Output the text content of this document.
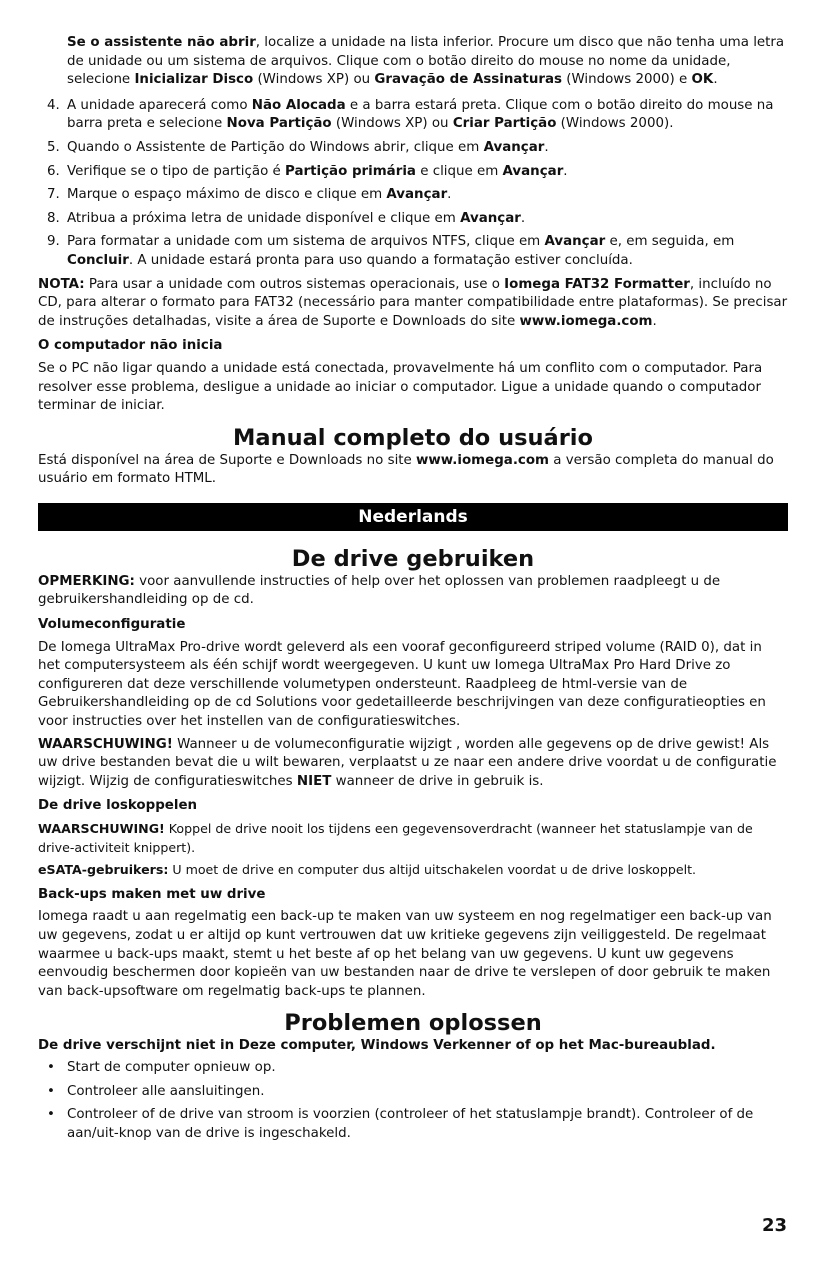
Se o assistente não abrir, localize a unidade na lista inferior. Procure um disco que não tenha uma letra de unidade ou um sistema de arquivos. Clique com o botão direito do mouse no nome da unidade, selecione Inicializar Disco (Windows XP) ou Gravação de Assinaturas (Windows 2000) e OK.

4. A unidade aparecerá como Não Alocada e a barra estará preta. Clique com o botão direito do mouse na barra preta e selecione Nova Partição (Windows XP) ou Criar Partição (Windows 2000).
5. Quando o Assistente de Partição do Windows abrir, clique em Avançar.
6. Verifique se o tipo de partição é Partição primária e clique em Avançar.
7. Marque o espaço máximo de disco e clique em Avançar.
8. Atribua a próxima letra de unidade disponível e clique em Avançar.
9. Para formatar a unidade com um sistema de arquivos NTFS, clique em Avançar e, em seguida, em Concluir. A unidade estará pronta para uso quando a formatação estiver concluída.

NOTA: Para usar a unidade com outros sistemas operacionais, use o Iomega FAT32 Formatter, incluído no CD, para alterar o formato para FAT32 (necessário para manter compatibilidade entre plataformas). Se precisar de instruções detalhadas, visite a área de Suporte e Downloads do site www.iomega.com.

O computador não inicia

Se o PC não ligar quando a unidade está conectada, provavelmente há um conflito com o computador. Para resolver esse problema, desligue a unidade ao iniciar o computador. Ligue a unidade quando o computador terminar de iniciar.

Manual completo do usuário

Está disponível na área de Suporte e Downloads no site www.iomega.com a versão completa do manual do usuário em formato HTML.

Nederlands
De drive gebruiken

OPMERKING: voor aanvullende instructies of help over het oplossen van problemen raadpleegt u de gebruikershandleiding op de cd.

Volumeconfiguratie

De Iomega UltraMax Pro-drive wordt geleverd als een vooraf geconfigureerd striped volume (RAID 0), dat in het computersysteem als één schijf wordt weergegeven. U kunt uw Iomega UltraMax Pro Hard Drive zo configureren dat deze verschillende volumetypen ondersteunt. Raadpleeg de html-versie van de Gebruikershandleiding op de cd Solutions voor gedetailleerde beschrijvingen van deze configuratieopties en voor instructies over het instellen van de configuratieswitches.

WAARSCHUWING! Wanneer u de volumeconfiguratie wijzigt , worden alle gegevens op de drive gewist! Als uw drive bestanden bevat die u wilt bewaren, verplaatst u ze naar een andere drive voordat u de configuratie wijzigt. Wijzig de configuratieswitches NIET wanneer de drive in gebruik is.

De drive loskoppelen

WAARSCHUWING! Koppel de drive nooit los tijdens een gegevensoverdracht (wanneer het statuslampje van de drive-activiteit knippert).

eSATA-gebruikers: U moet de drive en computer dus altijd uitschakelen voordat u de drive loskoppelt.

Back-ups maken met uw drive

Iomega raadt u aan regelmatig een back-up te maken van uw systeem en nog regelmatiger een back-up van uw gegevens, zodat u er altijd op kunt vertrouwen dat uw kritieke gegevens zijn veiliggesteld. De regelmaat waarmee u back-ups maakt, stemt u het beste af op het belang van uw gegevens. U kunt uw gegevens eenvoudig beschermen door kopieën van uw bestanden naar de drive te verslepen of door gebruik te maken van back-upsoftware om regelmatig back-ups te plannen.

Problemen oplossen
De drive verschijnt niet in Deze computer, Windows Verkenner of op het Mac-bureaublad.
• Start de computer opnieuw op.
• Controleer alle aansluitingen.
• Controleer of de drive van stroom is voorzien (controleer of het statuslampje brandt). Controleer of de aan/uit-knop van de drive is ingeschakeld.
23
